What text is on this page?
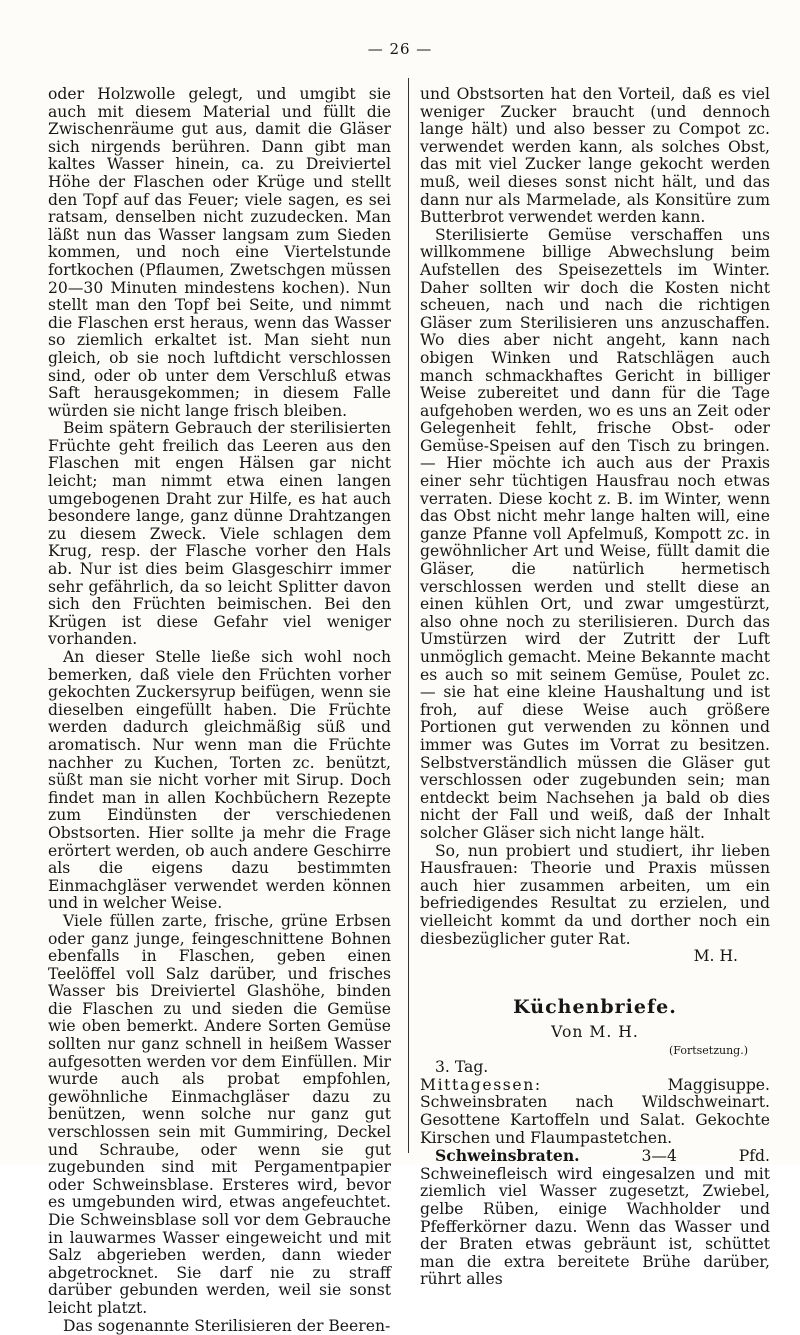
— 26 —

oder Holzwolle gelegt, und umgibt sie auch mit diesem Material und füllt die Zwischenräume gut aus, damit die Gläser sich nirgends berühren. Dann gibt man kaltes Wasser hinein, ca. zu Dreiviertel Höhe der Flaschen oder Krüge und stellt den Topf auf das Feuer; viele sagen, es sei ratsam, denselben nicht zuzudecken. Man läßt nun das Wasser langsam zum Sieden kommen, und noch eine Viertelstunde fortkochen (Pflaumen, Zwetschgen müssen 20—30 Minuten mindestens kochen). Nun stellt man den Topf bei Seite, und nimmt die Flaschen erst heraus, wenn das Wasser so ziemlich erkaltet ist. Man sieht nun gleich, ob sie noch luftdicht verschlossen sind, oder ob unter dem Verschluß etwas Saft herausgekommen; in diesem Falle würden sie nicht lange frisch bleiben.

Beim spätern Gebrauch der sterilisierten Früchte geht freilich das Leeren aus den Flaschen mit engen Hälsen gar nicht leicht; man nimmt etwa einen langen umgebogenen Draht zur Hilfe, es hat auch besondere lange, ganz dünne Drahtzangen zu diesem Zweck. Viele schlagen dem Krug, resp. der Flasche vorher den Hals ab. Nur ist dies beim Glasgeschirr immer sehr gefährlich, da so leicht Splitter davon sich den Früchten beimischen. Bei den Krügen ist diese Gefahr viel weniger vorhanden.

An dieser Stelle ließe sich wohl noch bemerken, daß viele den Früchten vorher gekochten Zuckersyrup beifügen, wenn sie dieselben eingefüllt haben. Die Früchte werden dadurch gleichmäßig süß und aromatisch. Nur wenn man die Früchte nachher zu Kuchen, Torten zc. benützt, süßt man sie nicht vorher mit Sirup. Doch findet man in allen Kochbüchern Rezepte zum Eindünsten der verschiedenen Obstsorten. Hier sollte ja mehr die Frage erörtert werden, ob auch andere Geschirre als die eigens dazu bestimmten Einmachgläser verwendet werden können und in welcher Weise.

Viele füllen zarte, frische, grüne Erbsen oder ganz junge, feingeschnittene Bohnen ebenfalls in Flaschen, geben einen Teelöffel voll Salz darüber, und frisches Wasser bis Dreiviertel Glashöhe, binden die Flaschen zu und sieden die Gemüse wie oben bemerkt. Andere Sorten Gemüse sollten nur ganz schnell in heißem Wasser aufgesotten werden vor dem Einfüllen. Mir wurde auch als probat empfohlen, gewöhnliche Einmachgläser dazu zu benützen, wenn solche nur ganz gut verschlossen sein mit Gummiring, Deckel und Schraube, oder wenn sie gut zugebunden sind mit Pergamentpapier oder Schweinsblase. Ersteres wird, bevor es umgebunden wird, etwas angefeuchtet. Die Schweinsblase soll vor dem Gebrauche in lauwarmes Wasser eingeweicht und mit Salz abgerieben werden, dann wieder abgetrocknet. Sie darf nie zu straff darüber gebunden werden, weil sie sonst leicht platzt.

Das sogenannte Sterilisieren der Beeren-

und Obstsorten hat den Vorteil, daß es viel weniger Zucker braucht (und dennoch lange hält) und also besser zu Compot zc. verwendet werden kann, als solches Obst, das mit viel Zucker lange gekocht werden muß, weil dieses sonst nicht hält, und das dann nur als Marmelade, als Konsitüre zum Butterbrot verwendet werden kann.

Sterilisierte Gemüse verschaffen uns willkommene billige Abwechslung beim Aufstellen des Speisezettels im Winter. Daher sollten wir doch die Kosten nicht scheuen, nach und nach die richtigen Gläser zum Sterilisieren uns anzuschaffen. Wo dies aber nicht angeht, kann nach obigen Winken und Ratschlägen auch manch schmackhaftes Gericht in billiger Weise zubereitet und dann für die Tage aufgehoben werden, wo es uns an Zeit oder Gelegenheit fehlt, frische Obst- oder Gemüse-Speisen auf den Tisch zu bringen. — Hier möchte ich auch aus der Praxis einer sehr tüchtigen Hausfrau noch etwas verraten. Diese kocht z. B. im Winter, wenn das Obst nicht mehr lange halten will, eine ganze Pfanne voll Apfelmuß, Kompott zc. in gewöhnlicher Art und Weise, füllt damit die Gläser, die natürlich hermetisch verschlossen werden und stellt diese an einen kühlen Ort, und zwar umgestürzt, also ohne noch zu sterilisieren. Durch das Umstürzen wird der Zutritt der Luft unmöglich gemacht. Meine Bekannte macht es auch so mit seinem Gemüse, Poulet zc. — sie hat eine kleine Haushaltung und ist froh, auf diese Weise auch größere Portionen gut verwenden zu können und immer was Gutes im Vorrat zu besitzen. Selbstverständlich müssen die Gläser gut verschlossen oder zugebunden sein; man entdeckt beim Nachsehen ja bald ob dies nicht der Fall und weiß, daß der Inhalt solcher Gläser sich nicht lange hält.

So, nun probiert und studiert, ihr lieben Hausfrauen: Theorie und Praxis müssen auch hier zusammen arbeiten, um ein befriedigendes Resultat zu erzielen, und vielleicht kommt da und dorther noch ein diesbezüglicher guter Rat.

M. H.

Küchenbriefe.
Von M. H.
(Fortsetzung.)

3. Tag.

Mittagessen:	Maggisuppe. Schweinsbraten nach Wildschweinart. Gesottene Kartoffeln und Salat. Gekochte Kirschen und Flaumpastetchen.

Schweinsbraten.	3—4 Pfd. Schweinefleisch wird eingesalzen und mit ziemlich viel Wasser zugesetzt, Zwiebel, gelbe Rüben, einige Wachholder und Pfefferkörner dazu. Wenn das Wasser und der Braten etwas gebräunt ist, schüttet man die extra bereitete Brühe darüber, rührt alles
